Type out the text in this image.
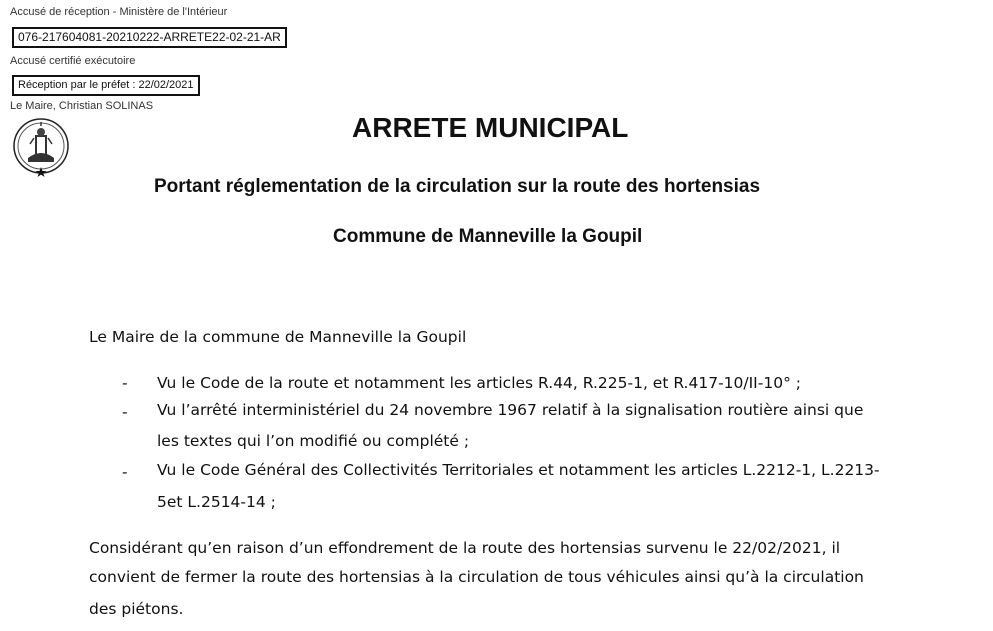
Accusé de réception - Ministère de l'Intérieur
076-217604081-20210222-ARRETE22-02-21-AR
Accusé certifié exécutoire
Réception par le préfet : 22/02/2021
Le Maire, Christian SOLINAS
ARRETE MUNICIPAL
Portant réglementation de la circulation sur la route des hortensias
Commune de Manneville la Goupil
Le Maire de la commune de Manneville la Goupil
- Vu le Code de la route et notamment les articles R.44, R.225-1, et R.417-10/II-10° ;
- Vu l’arrêté interministériel du 24 novembre 1967 relatif à la signalisation routière ainsi que
les textes qui l’on modifié ou complété ;
- Vu le Code Général des Collectivités Territoriales et notamment les articles L.2212-1, L.2213-
5et L.2514-14 ;
Considérant qu’en raison d’un effondrement de la route des hortensias survenu le 22/02/2021, il
convient de fermer la route des hortensias à la circulation de tous véhicules ainsi qu’à la circulation
des piétons.
